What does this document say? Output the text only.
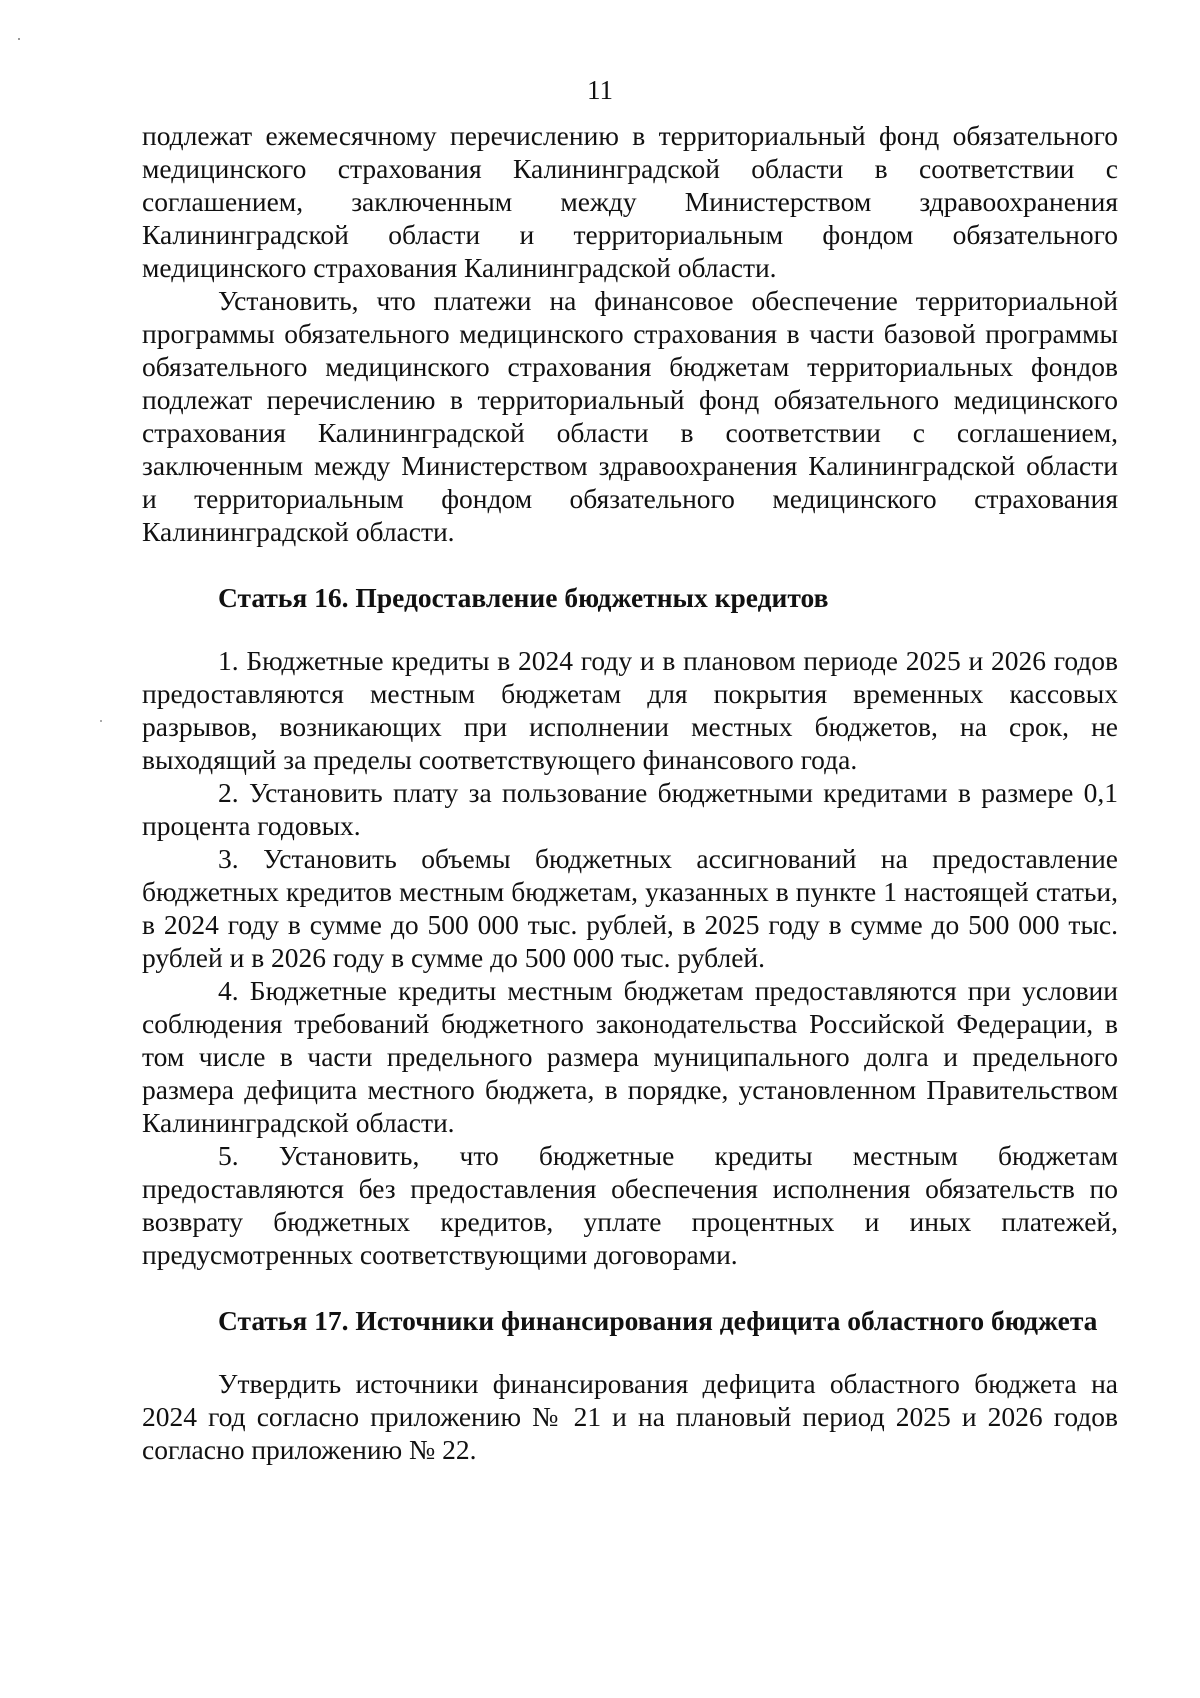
11

подлежат ежемесячному перечислению в территориальный фонд обязательного медицинского страхования Калининградской области в соответствии с соглашением, заключенным между Министерством здравоохранения Калининградской области и территориальным фондом обязательного медицинского страхования Калининградской области.

Установить, что платежи на финансовое обеспечение территориальной программы обязательного медицинского страхования в части базовой программы обязательного медицинского страхования бюджетам территориальных фондов подлежат перечислению в территориальный фонд обязательного медицинского страхования Калининградской области в соответствии с соглашением, заключенным между Министерством здравоохранения Калининградской области и территориальным фондом обязательного медицинского страхования Калининградской области.

Статья 16. Предоставление бюджетных кредитов

1. Бюджетные кредиты в 2024 году и в плановом периоде 2025 и 2026 годов предоставляются местным бюджетам для покрытия временных кассовых разрывов, возникающих при исполнении местных бюджетов, на срок, не выходящий за пределы соответствующего финансового года.

2. Установить плату за пользование бюджетными кредитами в размере 0,1 процента годовых.

3. Установить объемы бюджетных ассигнований на предоставление бюджетных кредитов местным бюджетам, указанных в пункте 1 настоящей статьи, в 2024 году в сумме до 500 000 тыс. рублей, в 2025 году в сумме до 500 000 тыс. рублей и в 2026 году в сумме до 500 000 тыс. рублей.

4. Бюджетные кредиты местным бюджетам предоставляются при условии соблюдения требований бюджетного законодательства Российской Федерации, в том числе в части предельного размера муниципального долга и предельного размера дефицита местного бюджета, в порядке, установленном Правительством Калининградской области.

5. Установить, что бюджетные кредиты местным бюджетам предоставляются без предоставления обеспечения исполнения обязательств по возврату бюджетных кредитов, уплате процентных и иных платежей, предусмотренных соответствующими договорами.

Статья 17. Источники финансирования дефицита областного бюджета

Утвердить источники финансирования дефицита областного бюджета на 2024 год согласно приложению № 21 и на плановый период 2025 и 2026 годов согласно приложению № 22.
